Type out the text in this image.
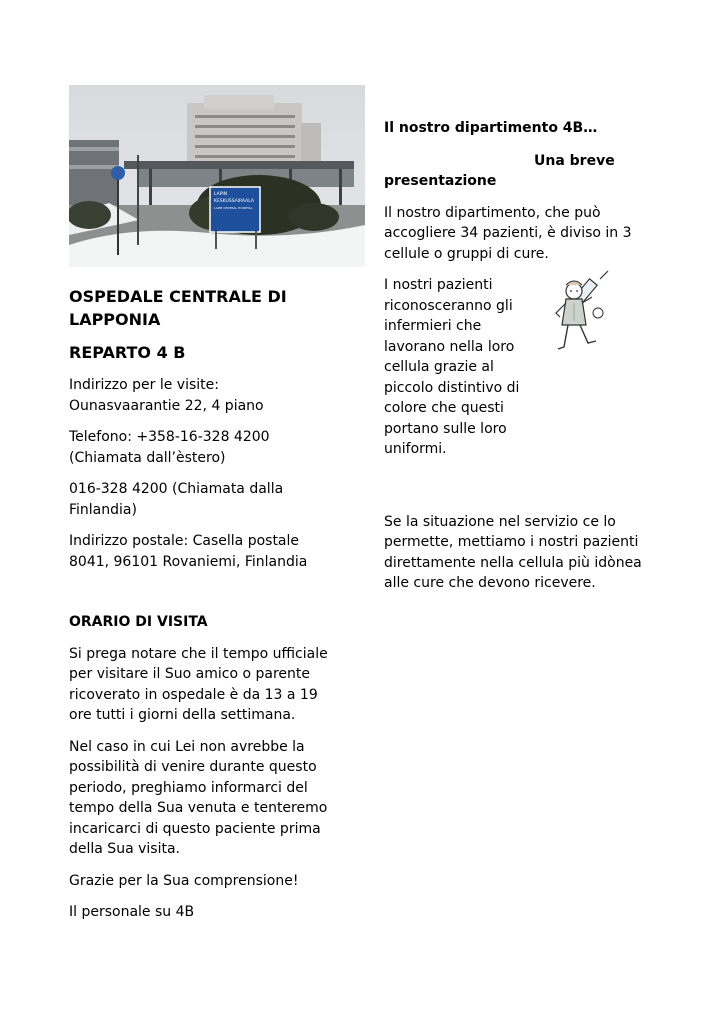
LAPIN
KESKUSSAIRAALA
LAPPI CENTRAL HOSPITAL
OSPEDALE CENTRALE DI
LAPPONIA
REPARTO 4 B
Indirizzo per le visite:
Ounasvaarantie 22, 4 piano
Telefono: +358-16-328 4200
(Chiamata dall’èstero)
016-328 4200 (Chiamata dalla
Finlandia)
Indirizzo postale: Casella postale
8041, 96101 Rovaniemi, Finlandia
ORARIO DI VISITA
Si prega notare che il tempo ufficiale
per visitare il Suo amico o parente
ricoverato in ospedale è da 13 a 19
ore tutti i giorni della settimana.
Nel caso in cui Lei non avrebbe la
possibilità di venire durante questo
periodo, preghiamo informarci del
tempo della Sua venuta e tenteremo
incaricarci di questo paciente prima
della Sua visita.
Grazie per la Sua comprensione!
Il personale su 4B
Il nostro dipartimento 4B…
Una breve
presentazione
Il nostro dipartimento, che può
accogliere 34 pazienti, è diviso in 3
cellule o gruppi di cure.
I nostri pazienti
riconosceranno gli
infermieri che
lavorano nella loro
cellula grazie al
piccolo distintivo di
colore che questi
portano sulle loro
uniformi.
Se la situazione nel servizio ce lo
permette, mettiamo i nostri pazienti
direttamente nella cellula più idònea
alle cure che devono ricevere.
